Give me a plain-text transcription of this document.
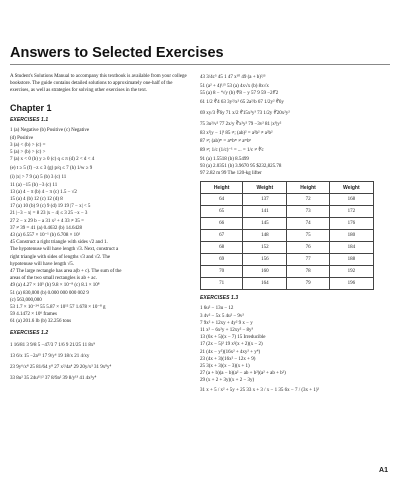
Answers to Selected Exercises
A Student's Solutions Manual to accompany this textbook is available from your college bookstore. The guide contains detailed solutions to approximately one-half of the exercises, as well as strategies for solving other exercises in the text.
Chapter 1
EXERCISES 1.1
1 (a) Negative (b) Positive (c) Negative
(d) Positive
3 (a) < (b) > (c) =
5 (a) > (b) > (c) >
7 (a) x < 0 (b) y ≥ 0 (c) q ≤ π (d) 2 < d < 4
(e) t ≥ 5 (f) −z ≤ 3 (g) p/q ≤ 7 (h) 1/w ≥ 9
(i) |x| > 7 9 (a) 5 (b) 3 (c) 11
11 (a) −15 (b) −3 (c) 11
13 (a) 4 − π (b) 4 − π (c) 1.5 − √2
15 (a) 4 (b) 12 (c) 12 (d) 8
17 (a) 10 (b) 9 (c) 9 (d) 19 19 |7 − x| < 5
21 |−3 − x| = 8 23 |x − 4| ≤ 3 25 −x − 3
27 2 − x 29 b − a 31 x² + 4 33 ≠ 35 =
37 ≠ 39 = 41 (a) 0.4632 (b) 14.6428
43 (a) 6.557 × 10⁻¹ (b) 6.708 × 10¹
45 Construct a right triangle with sides √2 and 1.
The hypotenuse will have length √3. Next, construct a
right triangle with sides of lengths √3 and √2. The
hypotenuse will have length √5.
47 The large rectangle has area a(b + c). The sum of the
areas of the two small rectangles is ab + ac.
49 (a) 4.27 × 10⁵ (b) 9.8 × 10⁻⁸ (c) 8.1 × 10⁸
51 (a) 830,000 (b) 0.000 000 000 002 9
(c) 563,000,000
53 1.7 × 10⁻²⁴ 55 5.87 × 10¹² 57 1.678 × 10⁻⁸ g
59 4.1472 × 10⁶ frames
61 (a) 201.6 lb (b) 32.256 tons
EXERCISES 1.2
1 16/81 3 9/8 5 −47/3 7 1/6 9 21/25 11 8x⁹
13 6/x 15 −2a¹⁵ 17 9/y⁶ 19 18/x 21 4/xy
23 9y⁶/x⁸ 25 81/64 y⁸ 27 x²/4a⁴ 29 20y/x³ 31 9x⁸y⁴
33 8u² 35 24u¹¹/² 37 8/9a² 39 8/y¹³ 41 4x²y⁴
43 3/4c⁵ 45 1 47 x¹⁰ 49 (a + b)²/³
51 (a² + 4)¹/⁵ 53 (a) 4x√x (b) 8x√x
55 (a) 8 − ⁴√y (b) ∜8 − y 57 9 59 −2∛2
61 1/2 ∜4 63 3y²/x² 65 2a²/b 67 1/2y² ∜6y
69 xy/3 ∛6y 71 x/2 ∜15x³y³ 73 1/2y ∜20x²y²
75 3u²/v² 77 2x/y ∛x²y² 79 −3v² 81 |x³|y²
83 x²|y − 1|³ 85 ≠; (ab)² = a²b² ≠ a²b²
87 ≠; (ab)ᵐ = aᵐbᵐ ≠ aᵐbⁿ
89 ≠; 1/c (1/c)⁻¹ = ... = 1/c ≠ ∜c
91 (a) 1.5518 (b) 8.5499
93 (a) 2.0351 (b) 3.9670 95 $232,825.78
97 2.82 m 99 The 120-kg lifter
Height	Weight	Height	Weight
64	137	72	168
65	141	73	172
66	145	74	176
67	148	75	180
68	152	76	184
69	156	77	188
70	160	78	192
71	164	79	196
EXERCISES 1.3
1 6u² − 13u − 12
3 4v² − 5x 5 4u² − 9v²
7 9x² + 12xy + 4y² 9 x − y
11 x² − 6x²y + 12xy² − 8y³
13 (6x + 5)(x − 7) 15 Irreducible
17 (2x − 5)² 19 x²(x + 2)(x − 2)
21 (4x − y²)(16x² + 4xy² + y⁴)
23 (4x + 3)(16x² − 12x + 9)
25 3(x + 3)(x − 3)(x + 1)
27 (a + b)(a − b)(a² − ab + b²)(a² + ab + b²)
29 (x + 2 + 3y)(x + 2 − 3y)
31 x + 5 / x² + 5y + 25 33 x + 3 / x − 1 35 6x − 7 / (3x + 1)²
A1
